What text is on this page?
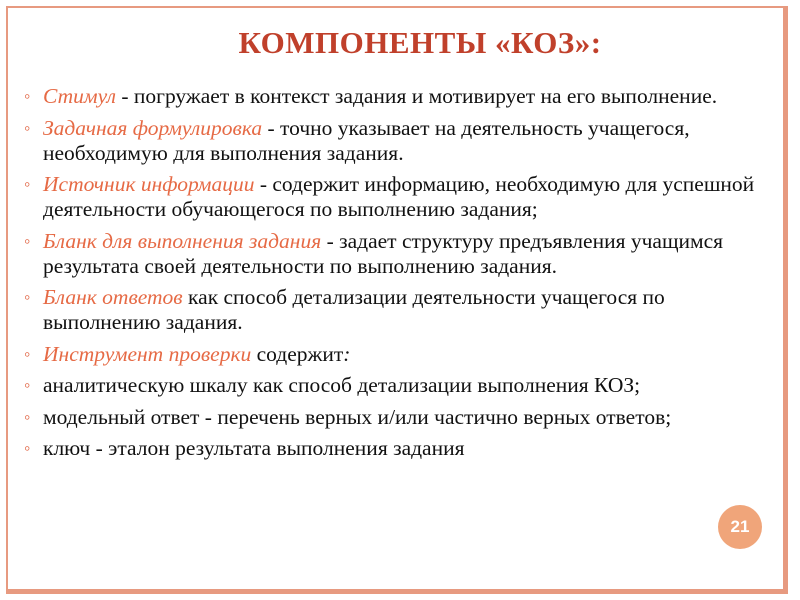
КОМПОНЕНТЫ «КОЗ»:
◦ Стимул - погружает в контекст задания и мотивирует на его выполнение.
◦ Задачная формулировка - точно указывает на деятельность учащегося, необходимую для выполнения задания.
◦ Источник информации - содержит информацию, необходимую для успешной деятельности обучающегося по выполнению задания;
◦ Бланк для выполнения задания - задает структуру предъявления учащимся результата своей деятельности по выполнению задания.
◦ Бланк ответов как способ детализации деятельности учащегося по выполнению задания.
◦ Инструмент проверки содержит:
◦ аналитическую шкалу как способ детализации выполнения КОЗ;
◦ модельный ответ - перечень верных и/или частично верных ответов;
◦ ключ - эталон результата выполнения задания
21
